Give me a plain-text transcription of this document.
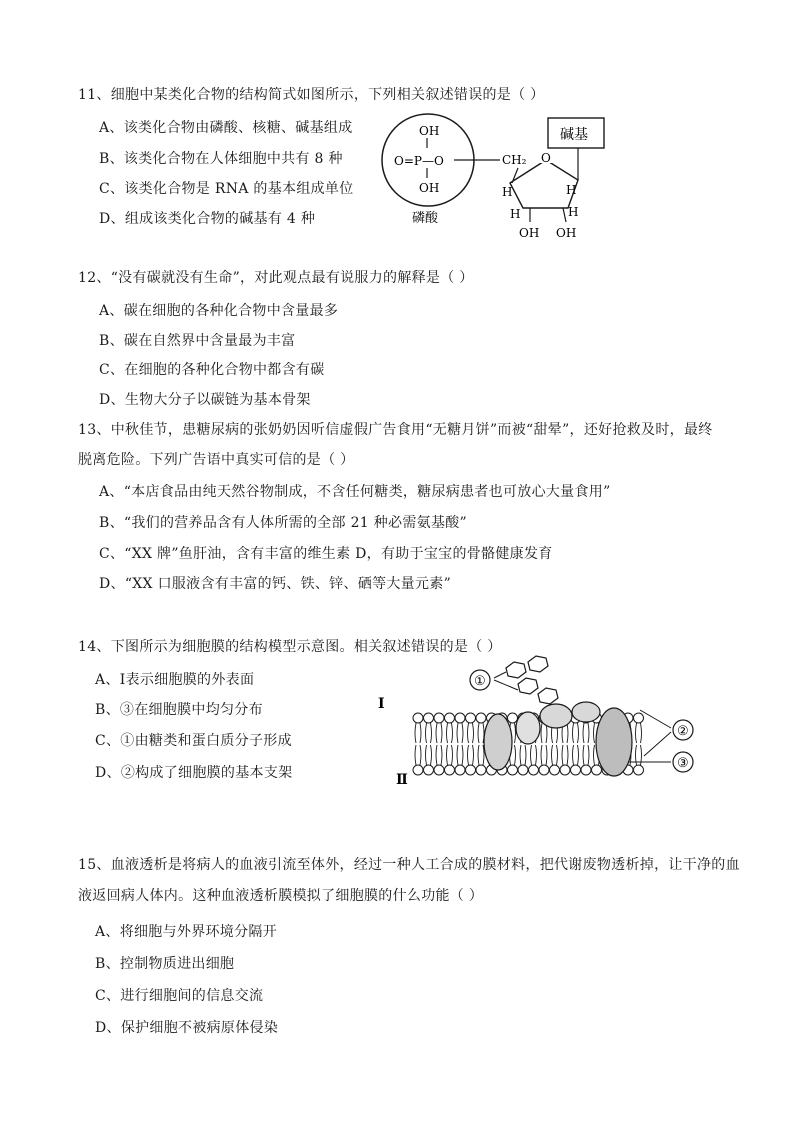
11、细胞中某类化合物的结构简式如图所示，下列相关叙述错误的是（ ）
A、该类化合物由磷酸、核糖、碱基组成
B、该类化合物在人体细胞中共有 8 种
C、该类化合物是 RNA 的基本组成单位
D、组成该类化合物的碱基有 4 种
OH
O=P—O
OH
磷酸
CH₂ O
H	H
H	H
OH OH
碱基
12、“没有碳就没有生命”，对此观点最有说服力的解释是（ ）
A、碳在细胞的各种化合物中含量最多
B、碳在自然界中含量最为丰富
C、在细胞的各种化合物中都含有碳
D、生物大分子以碳链为基本骨架
13、中秋佳节，患糖尿病的张奶奶因听信虚假广告食用“无糖月饼”而被“甜晕”，还好抢救及时，最终
脱离危险。下列广告语中真实可信的是（ ）
A、“本店食品由纯天然谷物制成，不含任何糖类，糖尿病患者也可放心大量食用”
B、“我们的营养品含有人体所需的全部 21 种必需氨基酸”
C、“XX 牌”鱼肝油，含有丰富的维生素 D，有助于宝宝的骨骼健康发育
D、“XX 口服液含有丰富的钙、铁、锌、硒等大量元素”
14、下图所示为细胞膜的结构模型示意图。相关叙述错误的是（ ）
A、Ⅰ表示细胞膜的外表面
B、③在细胞膜中均匀分布
C、①由糖类和蛋白质分子形成
D、②构成了细胞膜的基本支架
①
Ⅰ
Ⅱ
②
③
15、血液透析是将病人的血液引流至体外，经过一种人工合成的膜材料，把代谢废物透析掉，让干净的血
液返回病人体内。这种血液透析膜模拟了细胞膜的什么功能（ ）
A、将细胞与外界环境分隔开
B、控制物质进出细胞
C、进行细胞间的信息交流
D、保护细胞不被病原体侵染
